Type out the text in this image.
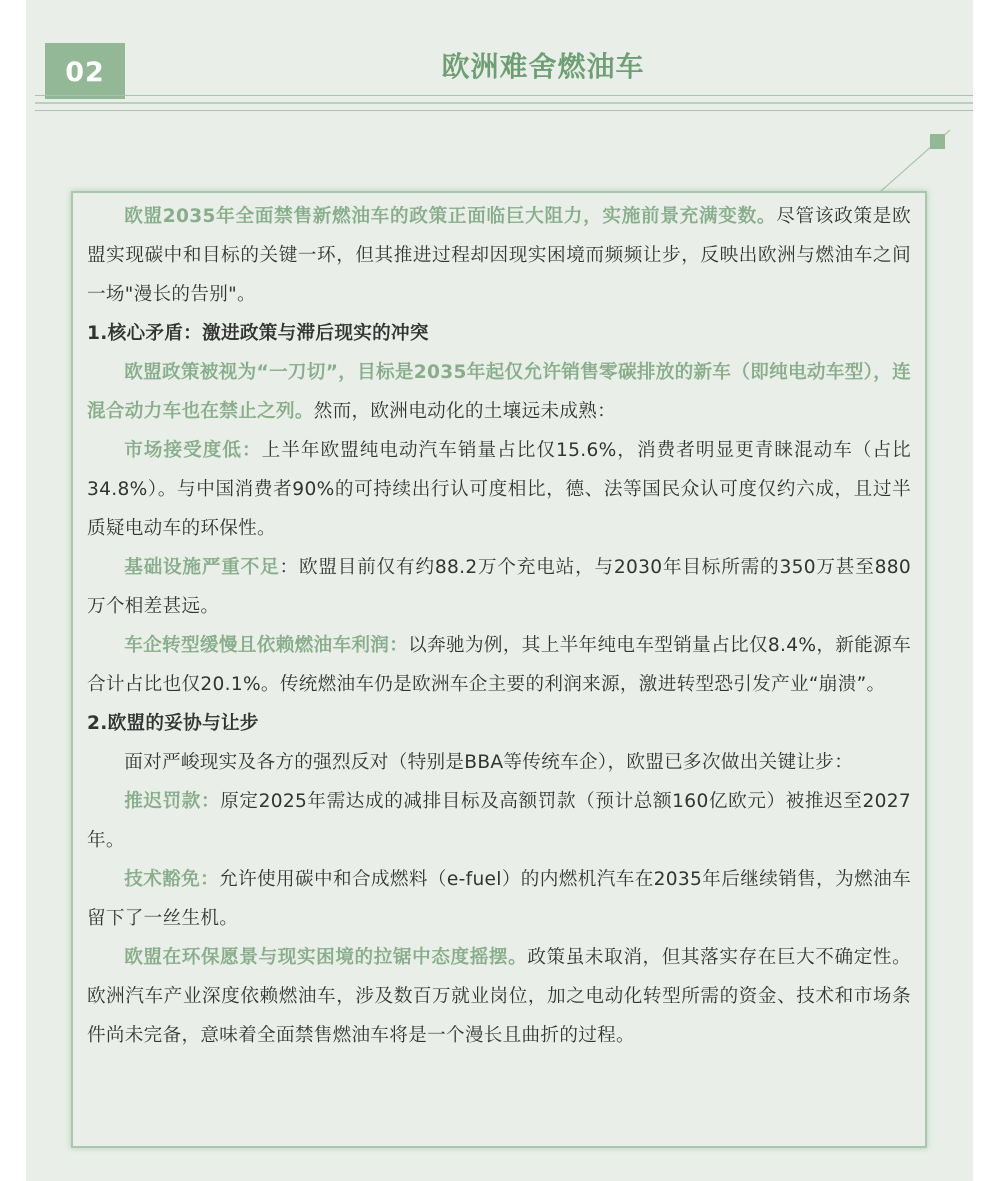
02	欧洲难舍燃油车

欧盟2035年全面禁售新燃油车的政策正面临巨大阻力，实施前景充满变数。尽管该政策是欧盟实现碳中和目标的关键一环，但其推进过程却因现实困境而频频让步，反映出欧洲与燃油车之间一场"漫长的告别"。

1.核心矛盾：激进政策与滞后现实的冲突

欧盟政策被视为“一刀切”，目标是2035年起仅允许销售零碳排放的新车（即纯电动车型），连混合动力车也在禁止之列。然而，欧洲电动化的土壤远未成熟：

市场接受度低：上半年欧盟纯电动汽车销量占比仅15.6%，消费者明显更青睐混动车（占比34.8%）。与中国消费者90%的可持续出行认可度相比，德、法等国民众认可度仅约六成，且过半质疑电动车的环保性。

基础设施严重不足：欧盟目前仅有约88.2万个充电站，与2030年目标所需的350万甚至880万个相差甚远。

车企转型缓慢且依赖燃油车利润：以奔驰为例，其上半年纯电车型销量占比仅8.4%，新能源车合计占比也仅20.1%。传统燃油车仍是欧洲车企主要的利润来源，激进转型恐引发产业“崩溃”。

2.欧盟的妥协与让步

面对严峻现实及各方的强烈反对（特别是BBA等传统车企），欧盟已多次做出关键让步：

推迟罚款：原定2025年需达成的减排目标及高额罚款（预计总额160亿欧元）被推迟至2027年。

技术豁免：允许使用碳中和合成燃料（e-fuel）的内燃机汽车在2035年后继续销售，为燃油车留下了一丝生机。

欧盟在环保愿景与现实困境的拉锯中态度摇摆。政策虽未取消，但其落实存在巨大不确定性。欧洲汽车产业深度依赖燃油车，涉及数百万就业岗位，加之电动化转型所需的资金、技术和市场条件尚未完备，意味着全面禁售燃油车将是一个漫长且曲折的过程。
